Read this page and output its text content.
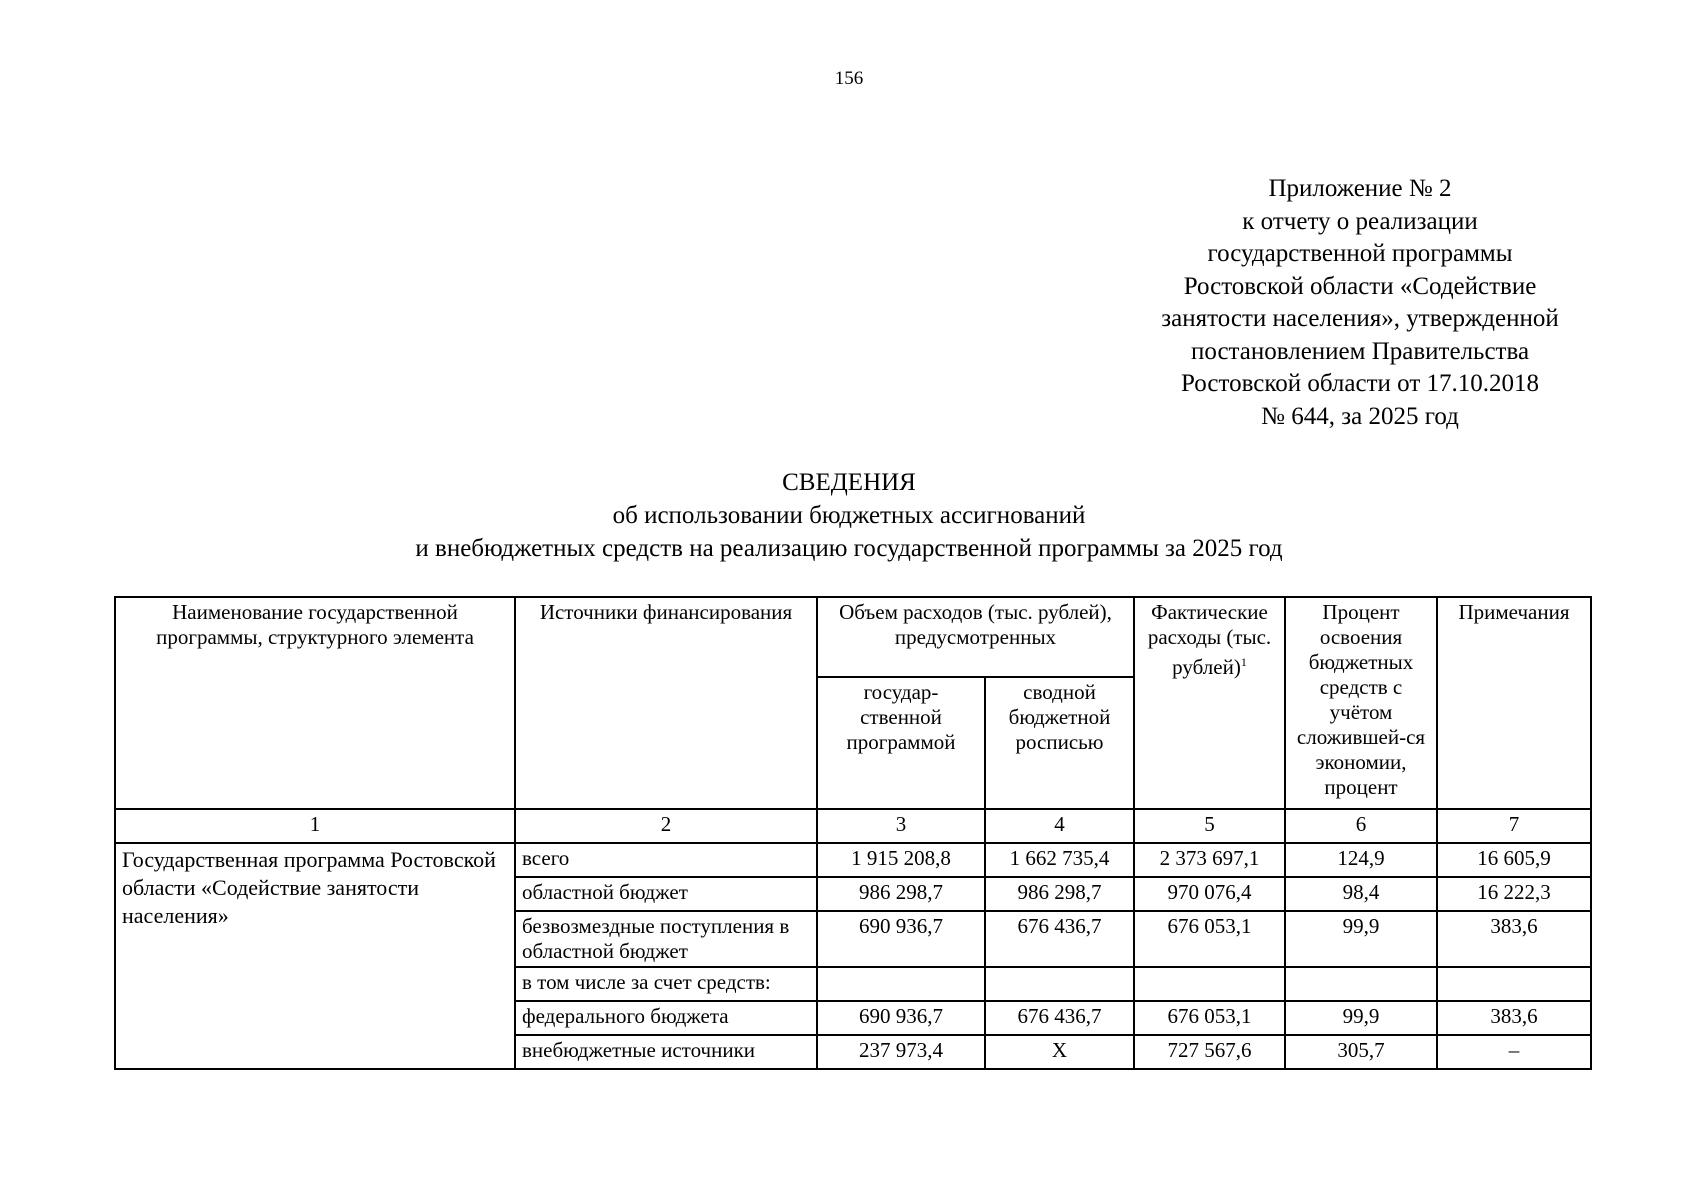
156
Приложение № 2
к отчету о реализации
государственной программы
Ростовской области «Содействие
занятости населения», утвержденной
постановлением Правительства
Ростовской области от 17.10.2018
№ 644, за 2025 год
СВЕДЕНИЯ
об использовании бюджетных ассигнований
и внебюджетных средств на реализацию государственной программы за 2025 год
Наименование государственной программы, структурного элемента	Источники финансирования	Объем расходов (тыс. рублей), предусмотренных		Фактические расходы (тыс. рублей)$^1$	Процент освоения бюджетных средств с учётом сложившей-ся экономии, процент	Примечания
		государ-ственной программой	сводной бюджетной росписью			
1	2	3	4	5	6	7
Государственная программа Ростовской области «Содействие занятости населения»	всего	1 915 208,8	1 662 735,4	2 373 697,1	124,9	16 605,9
	областной бюджет	986 298,7	986 298,7	970 076,4	98,4	16 222,3
	безвозмездные поступления в областной бюджет	690 936,7	676 436,7	676 053,1	99,9	383,6
	в том числе за счет средств:					
	федерального бюджета	690 936,7	676 436,7	676 053,1	99,9	383,6
	внебюджетные источники	237 973,4	Х	727 567,6	305,7	–
